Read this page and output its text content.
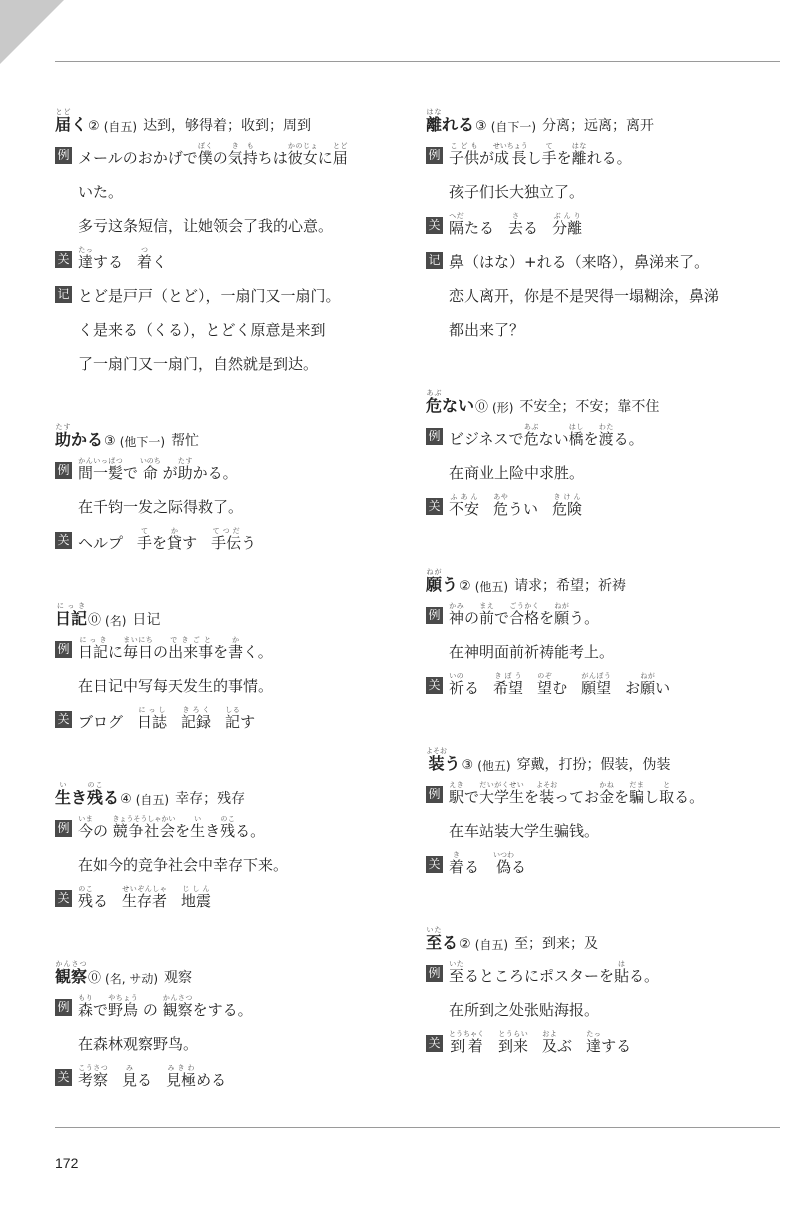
届とどく ② (自五) 达到，够得着；收到；周到
例 メールのおかげで僕ぼくの気持きもちは彼女かのじょに届とど
いた。
多亏这条短信，让她领会了我的心意。
关 達たっする 着つく
记 とど是戸戸（とど），一扇门又一扇门。
く是来る（くる），とどく原意是来到
了一扇门又一扇门，自然就是到达。
助たすかる ③ (他下一) 帮忙
例 間一髪かんいっぱつで 命いのち が助たすかる。
在千钧一发之际得救了。
关 ヘルプ 手てを貸かす 手伝てつだう
日記にっき
⓪ (名) 日记
例 日記にっきに毎日まいにちの出来事できごとを書かく。
在日记中写每天发生的事情。
关 ブログ 日誌にっし
記録きろく
記しるす
生いき残のこる ④ (自五) 幸存；残存
例 今いまの 競争社会きょうそうしゃかいを生いき残のこる。
在如今的竞争社会中幸存下来。
关 残のこる 生存者せいぞんしゃ
地震じしん
観察かんさつ
⓪ (名, サ动) 观察
例 森もりで野鳥やちょう の 観察かんさつをする。
在森林观察野鸟。
关 考察こうさつ
見みる 見極みきわめる
離はなれる ③ (自下一) 分离；远离；离开
例 子供こどもが成長せいちょうし手てを離はなれる。
孩子们长大独立了。
关 隔へだたる 去さる 分離ぶんり
记 鼻（はな）+れる（来咯），鼻涕来了。
恋人离开，你是不是哭得一塌糊涂，鼻涕
都出来了？
危あぶない ⓪ (形) 不安全；不安；靠不住
例 ビジネスで危あぶない橋はしを渡わたる。
在商业上险中求胜。
关 不安ふあん
危あやうい 危険きけん
願ねがう ② (他五) 请求；希望；祈祷
例 神かみの前まえで合格ごうかくを願ねがう。
在神明面前祈祷能考上。
关 祈いのる 希望きぼう
望のぞむ 願望がんぼう
お願ねがい
装よそおう ③ (他五) 穿戴，打扮；假装，伪装
例 駅えきで大学生だいがくせいを装よそおってお金かねを騙だまし取とる。
在车站装大学生骗钱。
关 着きる 偽いつわる
至いたる ② (自五) 至；到来；及
例 至いたるところにポスターを貼はる。
在所到之处张贴海报。
关 到着とうちゃく
到来とうらい
及およぶ 達たっする
172
